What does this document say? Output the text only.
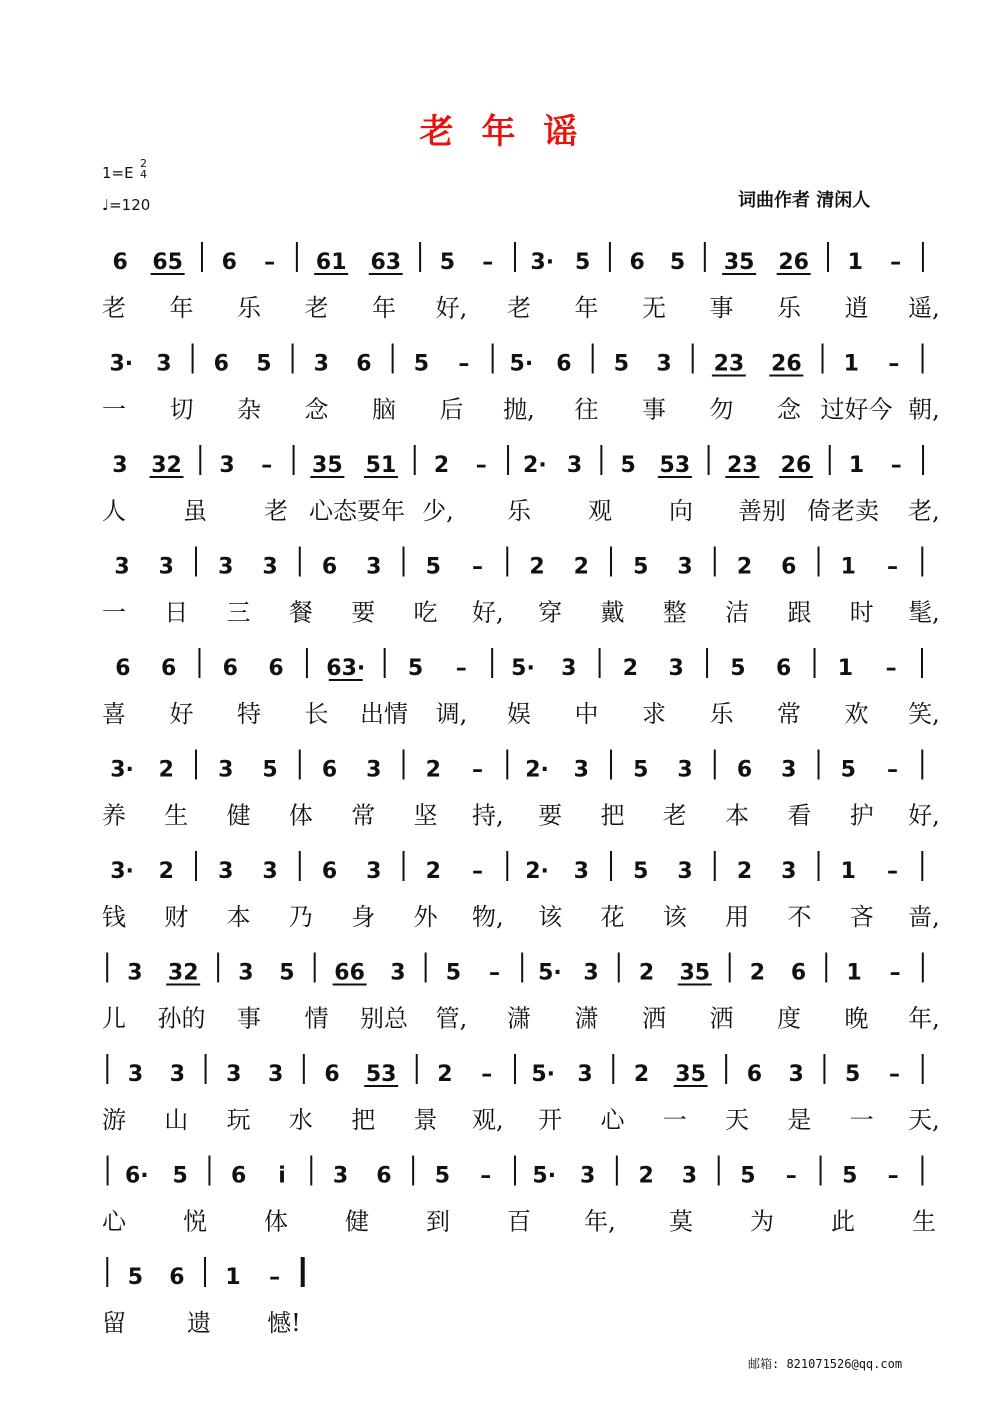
老 年 谣
1=E
2
4
♩=120	词曲作者 清闲人
6 65 6 – 61 63 5 – 3· 5 6 5 35 26 1 –
老 年 乐 老 年 好, 老 年 无 事 乐 逍 遥,
3· 3 6 5 3 6 5 – 5· 6 5 3 23 26 1 –
一 切 杂 念 脑 后 抛, 往 事 勿 念 过好今 朝,
3 32 3 – 35 51 2 – 2· 3 5 53 23 26 1 –
人 虽 老 心态要年 少, 乐 观 向 善别 倚老卖 老,
3 3 3 3 6 3 5 – 2 2 5 3 2 6 1 –
一 日 三 餐 要 吃 好, 穿 戴 整 洁 跟 时 髦,
6 6 6 6 63· 5 – 5· 3 2 3 5 6 1 –
喜 好 特 长 出情 调, 娱 中 求 乐 常 欢 笑,
3· 2 3 5 6 3 2 – 2· 3 5 3 6 3 5 –
养 生 健 体 常 坚 持, 要 把 老 本 看 护 好,
3· 2 3 3 6 3 2 – 2· 3 5 3 2 3 1 –
钱 财 本 乃 身 外 物, 该 花 该 用 不 吝 啬,
3 32 3 5 66 3 5 – 5· 3 2 35 2 6 1 –
儿 孙的 事 情 别总 管, 潇 潇 洒 洒 度 晚 年,
3 3 3 3 6 53 2 – 5· 3 2 35 6 3 5 –
游 山 玩 水 把 景 观, 开 心 一 天 是 一 天,
6· 5 6 i 3 6 5 – 5· 3 2 3 5 – 5 –
心 悦 体 健 到 百 年, 莫 为 此 生
5 6 1 –
留	遗 憾!
邮箱: 821071526@qq.com
